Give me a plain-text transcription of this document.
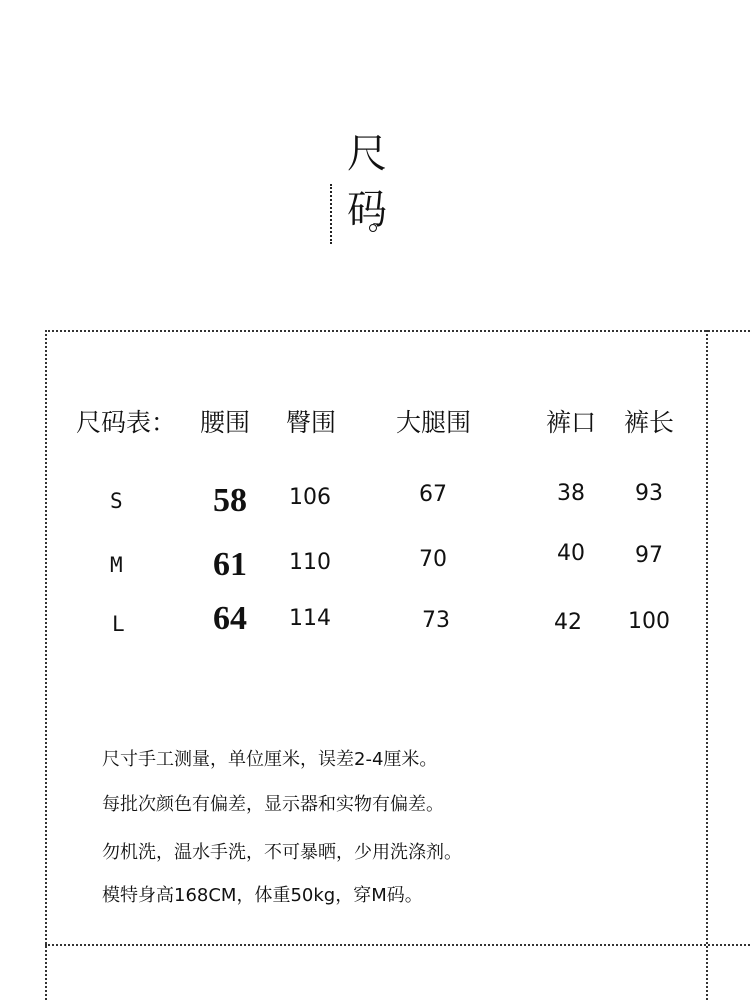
尺
码
尺码表： 腰围 臀围 大腿围	裤口 裤长
S	58 106	67	38 93
M	61 110	70	40 97
L	64 114	73	42 100
尺寸手工测量，单位厘米，误差2-4厘米。
每批次颜色有偏差，显示器和实物有偏差。
勿机洗，温水手洗，不可暴晒，少用洗涤剂。
模特身高168CM，体重50kg，穿M码。
